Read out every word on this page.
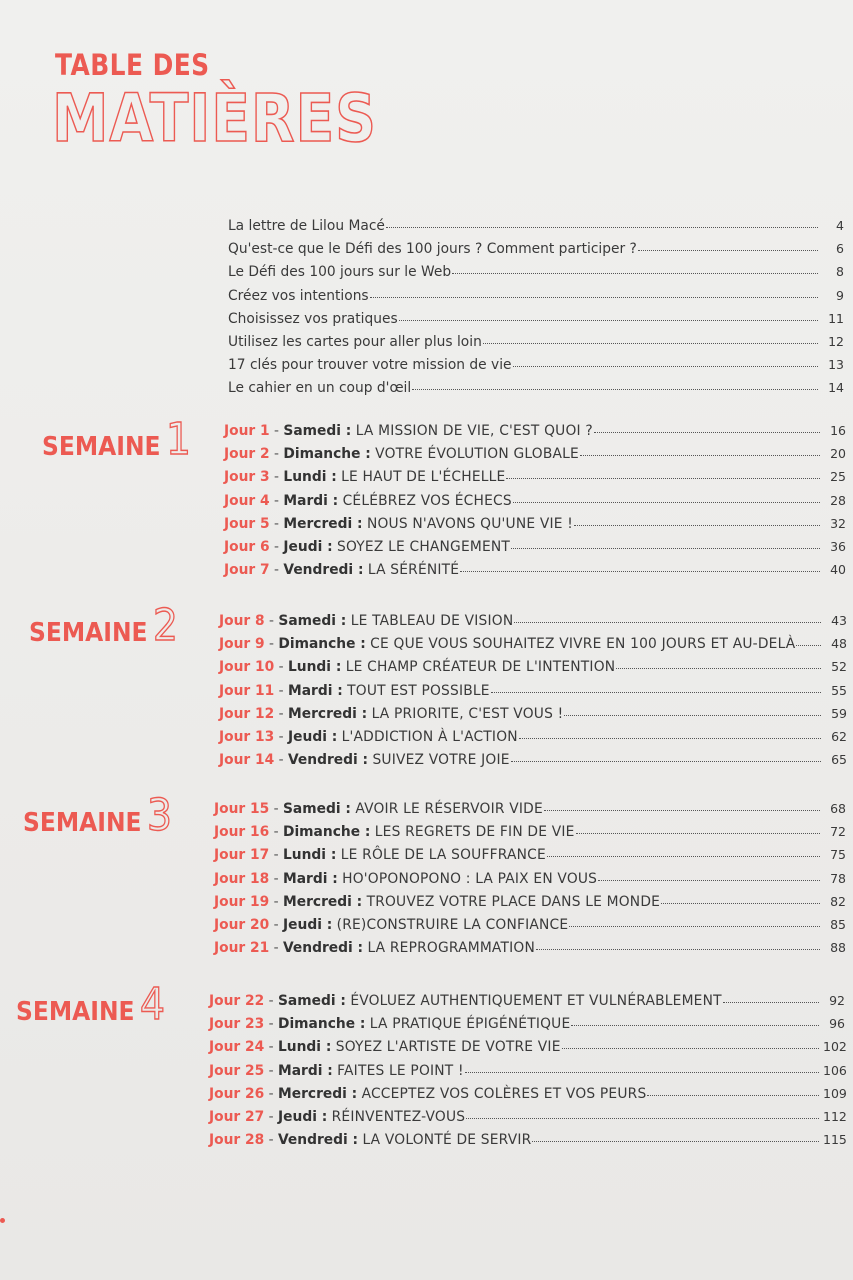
TABLE DES
MATIÈRES
La lettre de Lilou Macé	4
Qu'est-ce que le Défi des 100 jours ? Comment participer ?	6
Le Défi des 100 jours sur le Web	8
Créez vos intentions	9
Choisissez vos pratiques	11
Utilisez les cartes pour aller plus loin	12
17 clés pour trouver votre mission de vie	13
Le cahier en un coup d'œil	14
SEMAINE 1 Jour 1 - Samedi : LA MISSION DE VIE, C'EST QUOI ?	16
Jour 2 - Dimanche : VOTRE ÉVOLUTION GLOBALE	20
Jour 3 - Lundi : LE HAUT DE L'ÉCHELLE	25
Jour 4 - Mardi : CÉLÉBREZ VOS ÉCHECS	28
Jour 5 - Mercredi : NOUS N'AVONS QU'UNE VIE !	32
Jour 6 - Jeudi : SOYEZ LE CHANGEMENT	36
Jour 7 - Vendredi : LA SÉRÉNITÉ	40
SEMAINE 2	Jour 8 - Samedi : LE TABLEAU DE VISION	43
Jour 9 - Dimanche : CE QUE VOUS SOUHAITEZ VIVRE EN 100 JOURS ET AU-DELÀ	48
Jour 10 - Lundi : LE CHAMP CRÉATEUR DE L'INTENTION	52
Jour 11 - Mardi : TOUT EST POSSIBLE	55
Jour 12 - Mercredi : LA PRIORITE, C'EST VOUS !	59
Jour 13 - Jeudi : L'ADDICTION À L'ACTION	62
Jour 14 - Vendredi : SUIVEZ VOTRE JOIE	65
SEMAINE 3	Jour 15 - Samedi : AVOIR LE RÉSERVOIR VIDE	68
Jour 16 - Dimanche : LES REGRETS DE FIN DE VIE	72
Jour 17 - Lundi : LE RÔLE DE LA SOUFFRANCE	75
Jour 18 - Mardi : HO'OPONOPONO : LA PAIX EN VOUS	78
Jour 19 - Mercredi : TROUVEZ VOTRE PLACE DANS LE MONDE	82
Jour 20 - Jeudi : (RE)CONSTRUIRE LA CONFIANCE	85
Jour 21 - Vendredi : LA REPROGRAMMATION	88
SEMAINE 4	Jour 22 - Samedi : ÉVOLUEZ AUTHENTIQUEMENT ET VULNÉRABLEMENT	92
Jour 23 - Dimanche : LA PRATIQUE ÉPIGÉNÉTIQUE	96
Jour 24 - Lundi : SOYEZ L'ARTISTE DE VOTRE VIE	102
Jour 25 - Mardi : FAITES LE POINT !	106
Jour 26 - Mercredi : ACCEPTEZ VOS COLÈRES ET VOS PEURS	109
Jour 27 - Jeudi : RÉINVENTEZ-VOUS	112
Jour 28 - Vendredi : LA VOLONTÉ DE SERVIR	115
